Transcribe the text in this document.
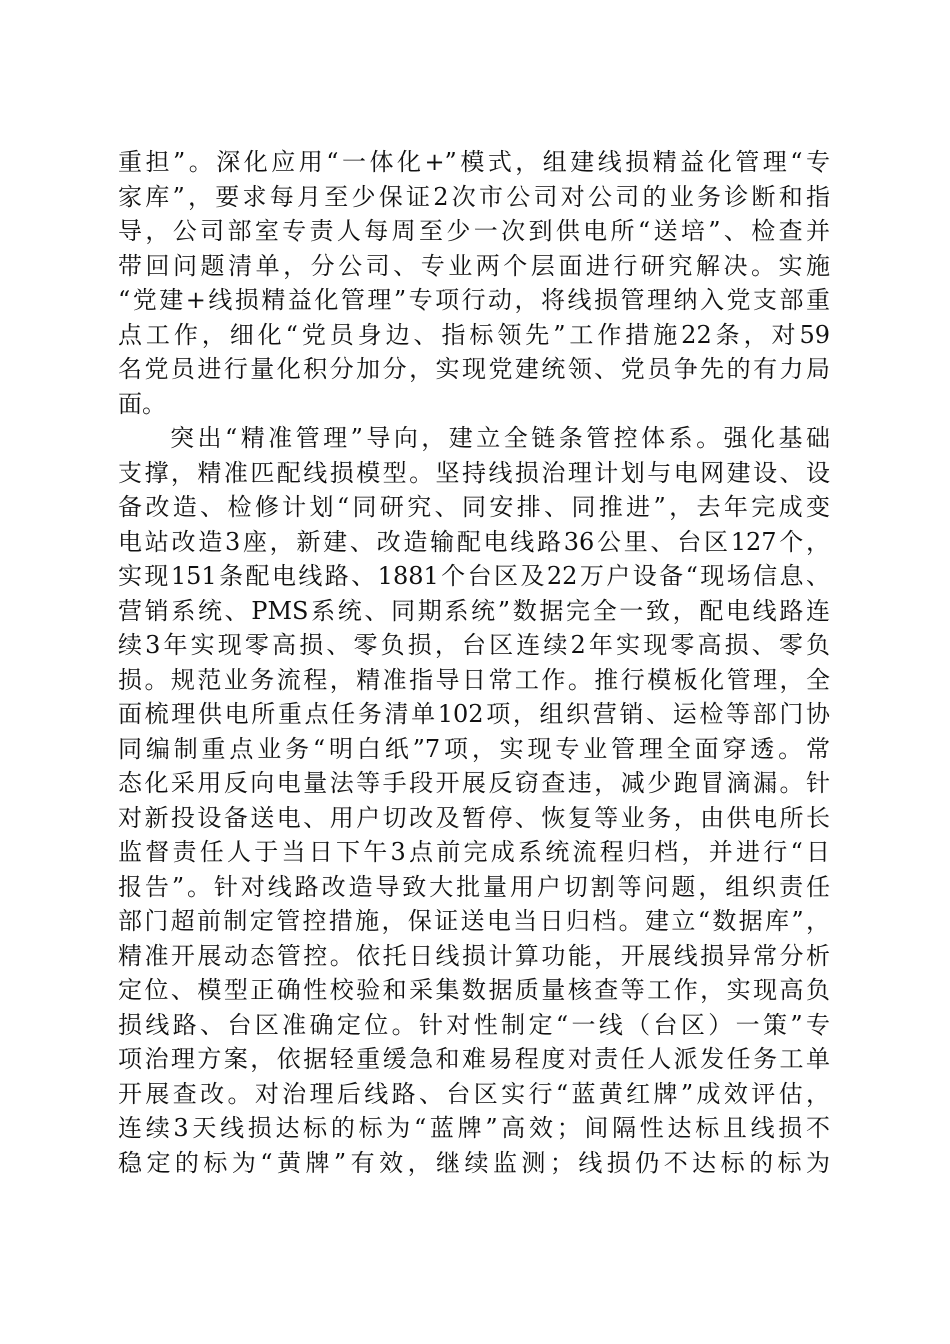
重担”。深化应用“一体化+”模式，组建线损精益化管理“专
家库”，要求每月至少保证2次市公司对公司的业务诊断和指
导，公司部室专责人每周至少一次到供电所“送培”、检查并
带回问题清单，分公司、专业两个层面进行研究解决。实施
“党建+线损精益化管理”专项行动，将线损管理纳入党支部重
点工作，细化“党员身边、指标领先”工作措施22条，对59
名党员进行量化积分加分，实现党建统领、党员争先的有力局
面。
突出“精准管理”导向，建立全链条管控体系。强化基础
支撑，精准匹配线损模型。坚持线损治理计划与电网建设、设
备改造、检修计划“同研究、同安排、同推进”，去年完成变
电站改造3座，新建、改造输配电线路36公里、台区127个，
实现151条配电线路、1881个台区及22万户设备“现场信息、
营销系统、PMS系统、同期系统”数据完全一致，配电线路连
续3年实现零高损、零负损，台区连续2年实现零高损、零负
损。规范业务流程，精准指导日常工作。推行模板化管理，全
面梳理供电所重点任务清单102项，组织营销、运检等部门协
同编制重点业务“明白纸”7项，实现专业管理全面穿透。常
态化采用反向电量法等手段开展反窃查违，减少跑冒滴漏。针
对新投设备送电、用户切改及暂停、恢复等业务，由供电所长
监督责任人于当日下午3点前完成系统流程归档，并进行“日
报告”。针对线路改造导致大批量用户切割等问题，组织责任
部门超前制定管控措施，保证送电当日归档。建立“数据库”，
精准开展动态管控。依托日线损计算功能，开展线损异常分析
定位、模型正确性校验和采集数据质量核查等工作，实现高负
损线路、台区准确定位。针对性制定“一线（台区）一策”专
项治理方案，依据轻重缓急和难易程度对责任人派发任务工单
开展查改。对治理后线路、台区实行“蓝黄红牌”成效评估，
连续3天线损达标的标为“蓝牌”高效；间隔性达标且线损不
稳定的标为“黄牌”有效，继续监测；线损仍不达标的标为
